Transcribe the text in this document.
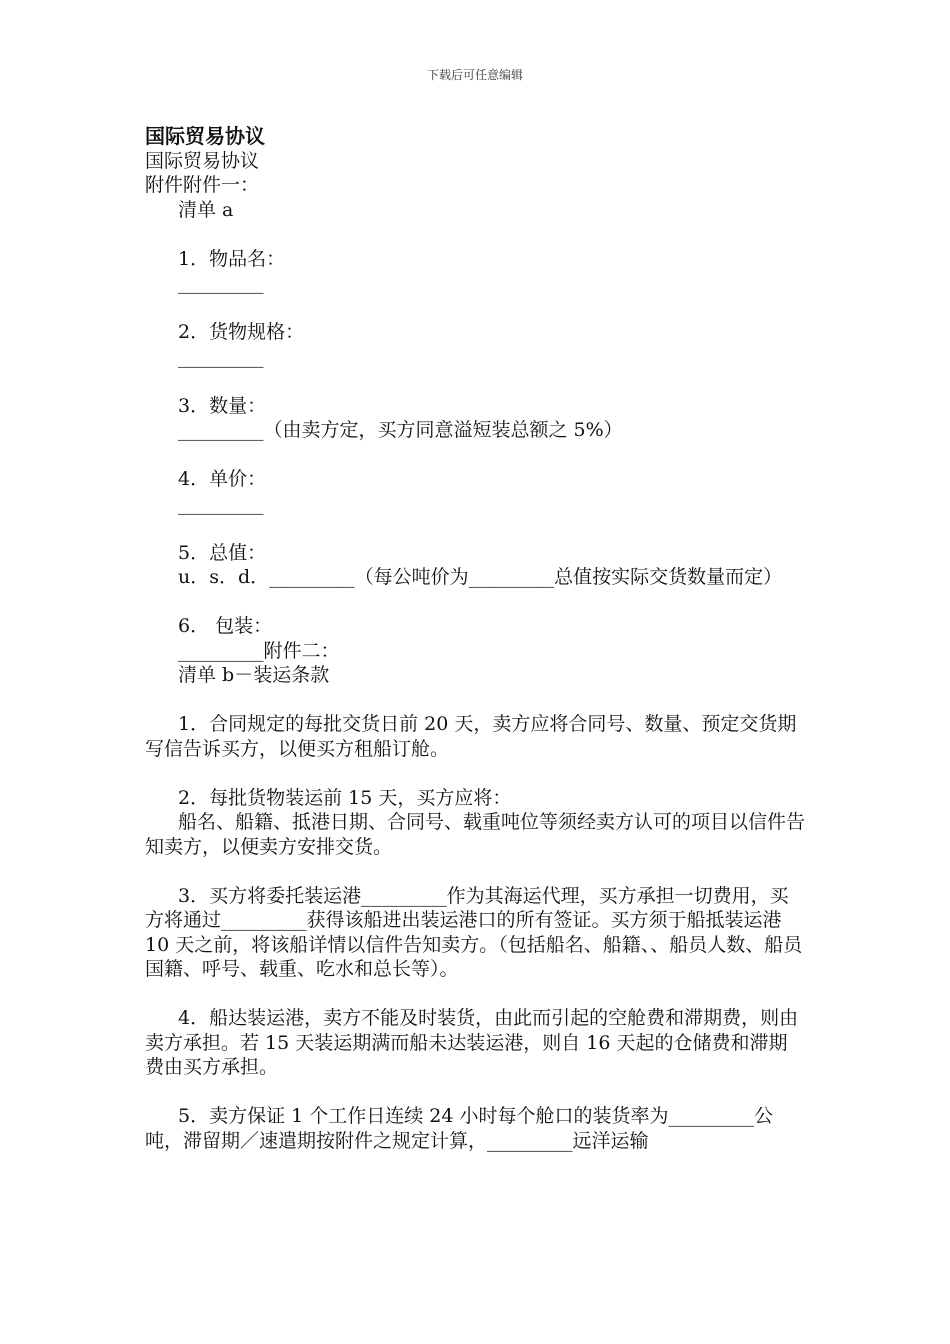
下载后可任意编辑

国际贸易协议

国际贸易协议

附件附件一：

清单 a

1．物品名：

_________

2．货物规格：

_________

3．数量：

_________（由卖方定，买方同意溢短装总额之 5%）

4．单价：

_________

5．总值：

u．s．d．_________（每公吨价为_________总值按实际交货数量而定）

6． 包装：

_________附件二：

清单 b－装运条款

1．合同规定的每批交货日前 20 天，卖方应将合同号、数量、预定交货期写信告诉买方，以便买方租船订舱。

2．每批货物装运前 15 天，买方应将：

船名、船籍、抵港日期、合同号、载重吨位等须经卖方认可的项目以信件告知卖方，以便卖方安排交货。

3．买方将委托装运港_________作为其海运代理，买方承担一切费用，买方将通过_________获得该船进出装运港口的所有签证。买方须于船抵装运港 10 天之前，将该船详情以信件告知卖方。（包括船名、船籍、、船员人数、船员国籍、呼号、载重、吃水和总长等）。

4．船达装运港，卖方不能及时装货，由此而引起的空舱费和滞期费，则由卖方承担。若 15 天装运期满而船未达装运港，则自 16 天起的仓储费和滞期费由买方承担。

5．卖方保证 1 个工作日连续 24 小时每个舱口的装货率为_________公吨，滞留期／速遣期按附件之规定计算，_________远洋运输
